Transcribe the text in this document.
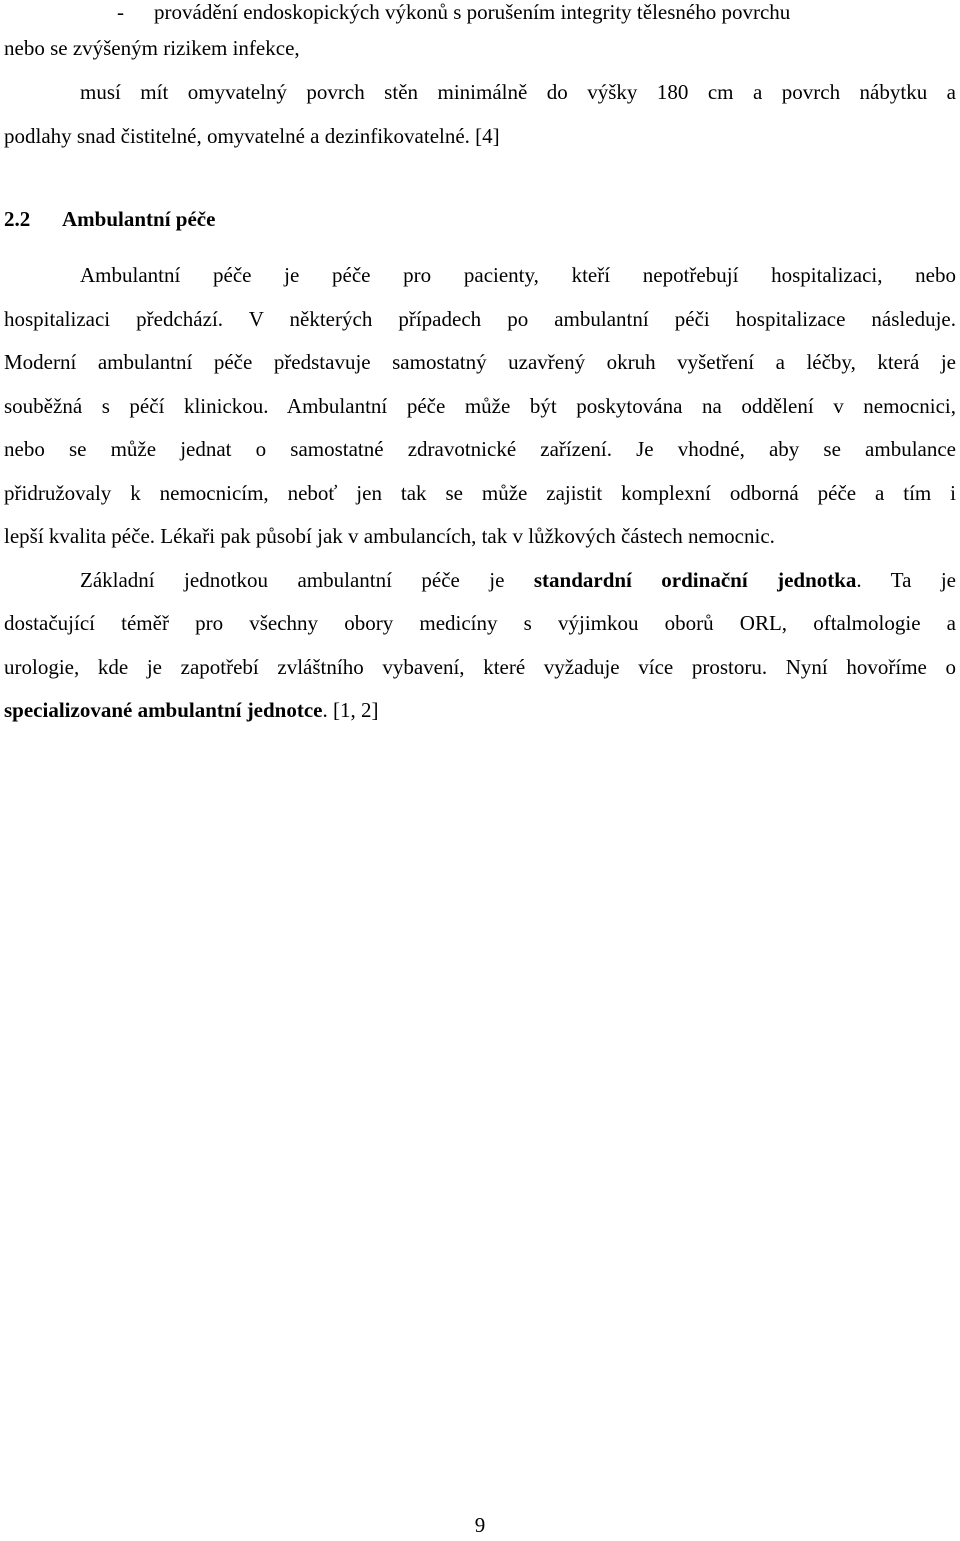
- provádění endoskopických výkonů s porušením integrity tělesného povrchu
nebo se zvýšeným rizikem infekce,
musí mít omyvatelný povrch stěn minimálně do výšky 180 cm a povrch nábytku a
podlahy snad čistitelné, omyvatelné a dezinfikovatelné. [4]
2.2 Ambulantní péče
Ambulantní péče je péče pro pacienty, kteří nepotřebují hospitalizaci, nebo
hospitalizaci předchází. V některých případech po ambulantní péči hospitalizace následuje.
Moderní ambulantní péče představuje samostatný uzavřený okruh vyšetření a léčby, která je
souběžná s péčí klinickou. Ambulantní péče může být poskytována na oddělení v nemocnici,
nebo se může jednat o samostatné zdravotnické zařízení. Je vhodné, aby se ambulance
přidružovaly k nemocnicím, neboť jen tak se může zajistit komplexní odborná péče a tím i
lepší kvalita péče. Lékaři pak působí jak v ambulancích, tak v lůžkových částech nemocnic.
Základní jednotkou ambulantní péče je standardní ordinační jednotka. Ta je
dostačující téměř pro všechny obory medicíny s výjimkou oborů ORL, oftalmologie a
urologie, kde je zapotřebí zvláštního vybavení, které vyžaduje více prostoru. Nyní hovoříme o
specializované ambulantní jednotce. [1, 2]
9
